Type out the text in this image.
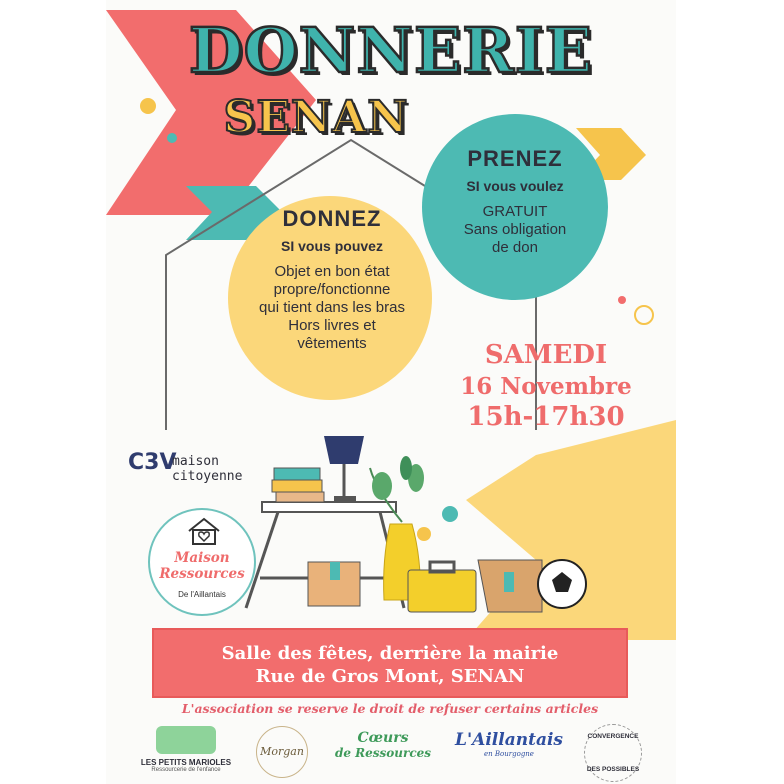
DONNERIE
SENAN
PRENEZ
SI vous voulez
GRATUIT
Sans obligation
de don
DONNEZ
SI vous pouvez
Objet en bon état
propre/fonctionne
qui tient dans les bras
Hors livres et
vêtements	SAMEDI
16 Novembre
15h-17h30
C3V
maison
citoyenne
Maison
Ressources
De l'Aillantais
Salle des fêtes, derrière la mairie
Rue de Gros Mont, SENAN
L'association se reserve le droit de refuser certains articles
LES PETITS MARIOLES
Ressourcerie de l'enfance
Morgan
Cœurs
de Ressources
L'Aillantais
en Bourgogne
CONVERGENCE
DES POSSIBLES
